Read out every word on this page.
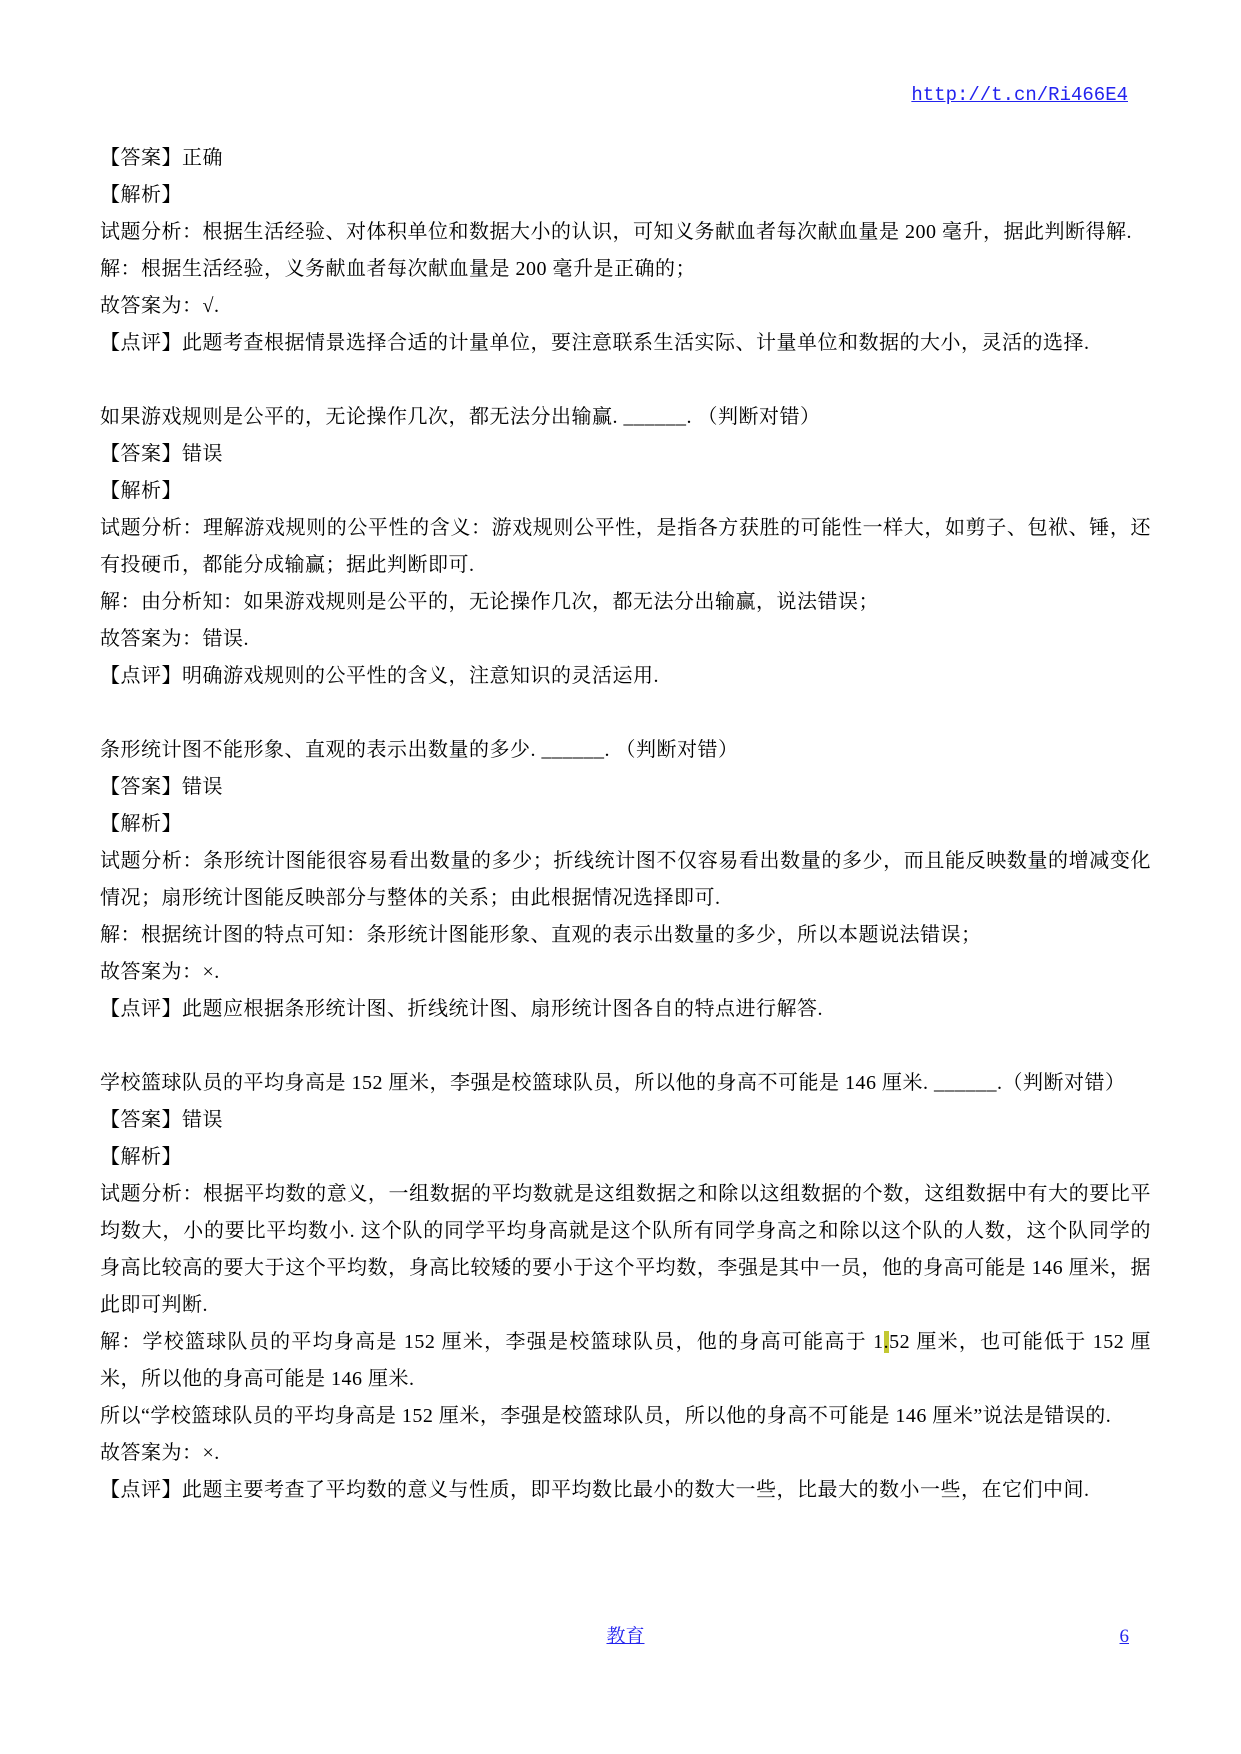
http://t.cn/Ri466E4

【答案】正确

【解析】

试题分析：根据生活经验、对体积单位和数据大小的认识，可知义务献血者每次献血量是 200 毫升，据此判断得解.

解：根据生活经验，义务献血者每次献血量是 200 毫升是正确的；

故答案为：√.

【点评】此题考查根据情景选择合适的计量单位，要注意联系生活实际、计量单位和数据的大小，灵活的选择.

如果游戏规则是公平的，无论操作几次，都无法分出输赢. ______. （判断对错）

【答案】错误

【解析】

试题分析：理解游戏规则的公平性的含义：游戏规则公平性，是指各方获胜的可能性一样大，如剪子、包袱、锤，还有投硬币，都能分成输赢；据此判断即可.

解：由分析知：如果游戏规则是公平的，无论操作几次，都无法分出输赢，说法错误；

故答案为：错误.

【点评】明确游戏规则的公平性的含义，注意知识的灵活运用.

条形统计图不能形象、直观的表示出数量的多少. ______. （判断对错）

【答案】错误

【解析】

试题分析：条形统计图能很容易看出数量的多少；折线统计图不仅容易看出数量的多少，而且能反映数量的增减变化情况；扇形统计图能反映部分与整体的关系；由此根据情况选择即可.

解：根据统计图的特点可知：条形统计图能形象、直观的表示出数量的多少，所以本题说法错误；

故答案为：×.

【点评】此题应根据条形统计图、折线统计图、扇形统计图各自的特点进行解答.

学校篮球队员的平均身高是 152 厘米，李强是校篮球队员，所以他的身高不可能是 146 厘米. ______.（判断对错）

【答案】错误

【解析】

试题分析：根据平均数的意义，一组数据的平均数就是这组数据之和除以这组数据的个数，这组数据中有大的要比平均数大，小的要比平均数小. 这个队的同学平均身高就是这个队所有同学身高之和除以这个队的人数，这个队同学的身高比较高的要大于这个平均数，身高比较矮的要小于这个平均数，李强是其中一员，他的身高可能是 146 厘米，据此即可判断.

解：学校篮球队员的平均身高是 152 厘米，李强是校篮球队员，他的身高可能高于 1.52 厘米，也可能低于 152 厘米，所以他的身高可能是 146 厘米.

所以“学校篮球队员的平均身高是 152 厘米，李强是校篮球队员，所以他的身高不可能是 146 厘米”说法是错误的.

故答案为：×.

【点评】此题主要考查了平均数的意义与性质，即平均数比最小的数大一些，比最大的数小一些，在它们中间.

教育	6
